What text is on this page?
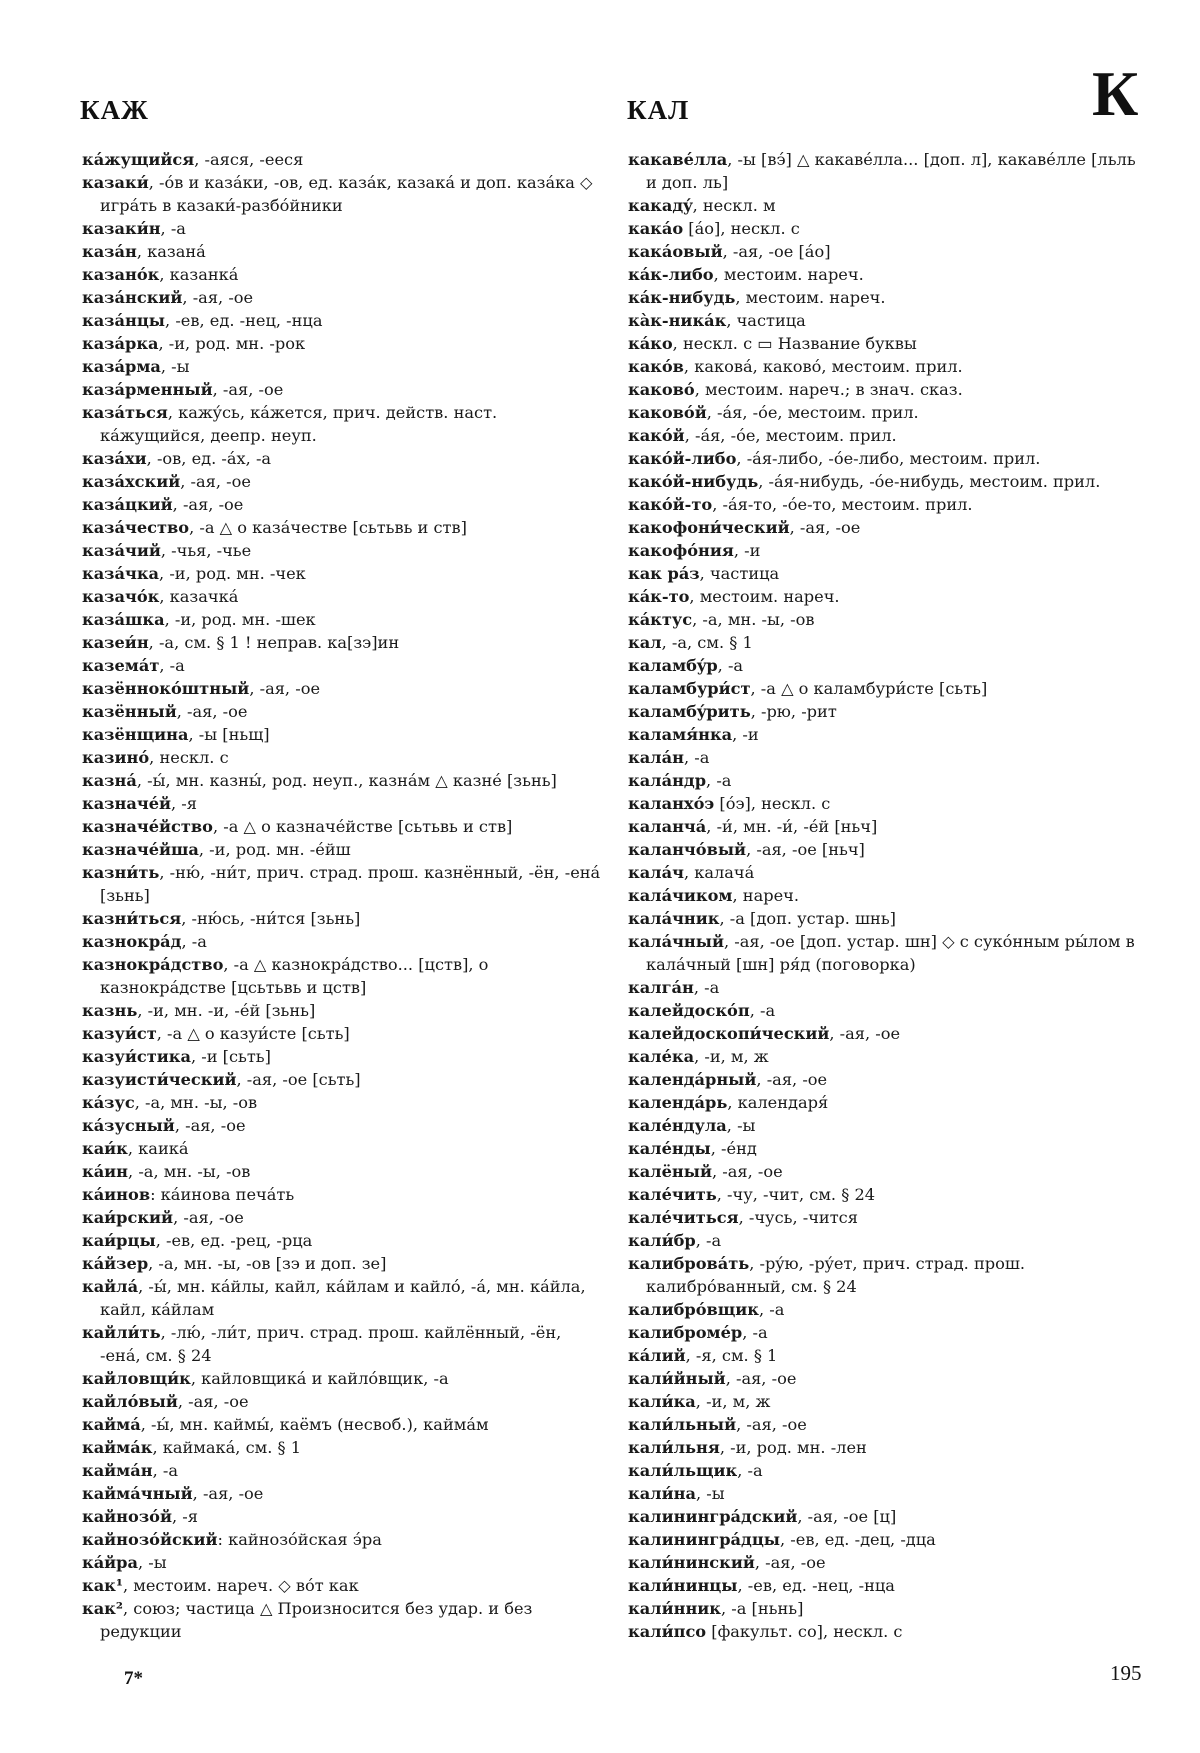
КАЖ	КАЛ	К
кáжущийся, -аяся, -ееся
казаки́, -óв и казáки, -ов, ед. казáк, казакá и доп. казáка ◇ игрáть в казаки́-разбóйники
казаки́н, -а
казáн, казанá
казанóк, казанкá
казáнский, -ая, -ое
казáнцы, -ев, ед. -нец, -нца
казáрка, -и, род. мн. -рок
казáрма, -ы
казáрменный, -ая, -ое
казáться, кажýсь, кáжется, прич. действ. наст. кáжущийся, деепр. неуп.
казáхи, -ов, ед. -áх, -а
казáхский, -ая, -ое
казáцкий, -ая, -ое
казáчество, -а △ о казáчестве [сьтьвь и ств]
казáчий, -чья, -чье
казáчка, -и, род. мн. -чек
казачóк, казачкá
казáшка, -и, род. мн. -шек
казеи́н, -а, см. § 1 ! неправ. ка[зэ]ин
каземáт, -а
казённокóштный, -ая, -ое
казённый, -ая, -ое
казёнщина, -ы [ньщ]
казинó, нескл. с
казнá, -ы́, мн. казны́, род. неуп., казнáм △ казнé [зьнь]
казначéй, -я
казначéйство, -а △ о казначéйстве [сьтьвь и ств]
казначéйша, -и, род. мн. -éйш
казни́ть, -ню́, -ни́т, прич. страд. прош. казнённый, -ён, -енá [зьнь]
казни́ться, -ню́сь, -ни́тся [зьнь]
казнокрáд, -а
казнокрáдство, -а △ казнокрáдство... [цств], о казнокрáдстве [цсьтьвь и цств]
казнь, -и, мн. -и, -éй [зьнь]
казуи́ст, -а △ о казуи́сте [сьть]
казуи́стика, -и [сьть]
казуисти́ческий, -ая, -ое [сьть]
кáзус, -а, мн. -ы, -ов
кáзусный, -ая, -ое
каи́к, каикá
кáин, -а, мн. -ы, -ов
кáинов: кáинова печáть
каи́рский, -ая, -ое
каи́рцы, -ев, ед. -рец, -рца
кáйзер, -а, мн. -ы, -ов [зэ и доп. зе]
кайлá, -ы́, мн. кáйлы, кайл, кáйлам и кайлó, -á, мн. кáйла, кайл, кáйлам
кайли́ть, -лю́, -ли́т, прич. страд. прош. кайлённый, -ён, -енá, см. § 24
кайловщи́к, кайловщикá и кайлóвщик, -а
кайлóвый, -ая, -ое
каймá, -ы́, мн. каймы́, каёмъ (несвоб.), каймáм
каймáк, каймакá, см. § 1
каймáн, -а
каймáчный, -ая, -ое
кайнозóй, -я
кайнозóйский: кайнозóйская э́ра
кáйра, -ы
как¹, местоим. нареч. ◇ вóт как
как², союз; частица △ Произносится без удар. и без редукции
какавéлла, -ы [вэ́] △ какавéлла... [доп. л], какавéлле [льль и доп. ль]
какадý, нескл. м
какáо [áо], нескл. с
какáовый, -ая, -ое [áо]
кáк-либо, местоим. нареч.
кáк-нибудь, местоим. нареч.
кàк-никáк, частица
кáко, нескл. с ▭ Название буквы
какóв, каковá, каковó, местоим. прил.
каковó, местоим. нареч.; в знач. сказ.
каковóй, -áя, -óе, местоим. прил.
какóй, -áя, -óе, местоим. прил.
какóй-либо, -áя-либо, -óе-либо, местоим. прил.
какóй-нибудь, -áя-нибудь, -óе-нибудь, местоим. прил.
какóй-то, -áя-то, -óе-то, местоим. прил.
какофони́ческий, -ая, -ое
какофóния, -и
как рáз, частица
кáк-то, местоим. нареч.
кáктус, -а, мн. -ы, -ов
кал, -а, см. § 1
каламбýр, -а
каламбури́ст, -а △ о каламбури́сте [сьть]
каламбýрить, -рю, -рит
каламя́нка, -и
калáн, -а
калáндр, -а
каланхóэ [óэ], нескл. с
каланчá, -и́, мн. -и́, -éй [ньч]
каланчóвый, -ая, -ое [ньч]
калáч, калачá
калáчиком, нареч.
калáчник, -а [доп. устар. шнь]
калáчный, -ая, -ое [доп. устар. шн] ◇ с сукóнным ры́лом в калáчный [шн] ря́д (поговорка)
калгáн, -а
калейдоскóп, -а
калейдоскопи́ческий, -ая, -ое
калéка, -и, м, ж
календáрный, -ая, -ое
календáрь, календаря́
калéндула, -ы
калéнды, -éнд
калёный, -ая, -ое
калéчить, -чу, -чит, см. § 24
калéчиться, -чусь, -чится
кали́бр, -а
калибровáть, -рýю, -рýет, прич. страд. прош. калибрóванный, см. § 24
калибрóвщик, -а
калибромéр, -а
кáлий, -я, см. § 1
кали́йный, -ая, -ое
кали́ка, -и, м, ж
кали́льный, -ая, -ое
кали́льня, -и, род. мн. -лен
кали́льщик, -а
кали́на, -ы
калинингрáдский, -ая, -ое [ц]
калинингрáдцы, -ев, ед. -дец, -дца
кали́нинский, -ая, -ое
кали́нинцы, -ев, ед. -нец, -нца
кали́нник, -а [ньнь]
кали́псо [факульт. со], нескл. с
7*	195
